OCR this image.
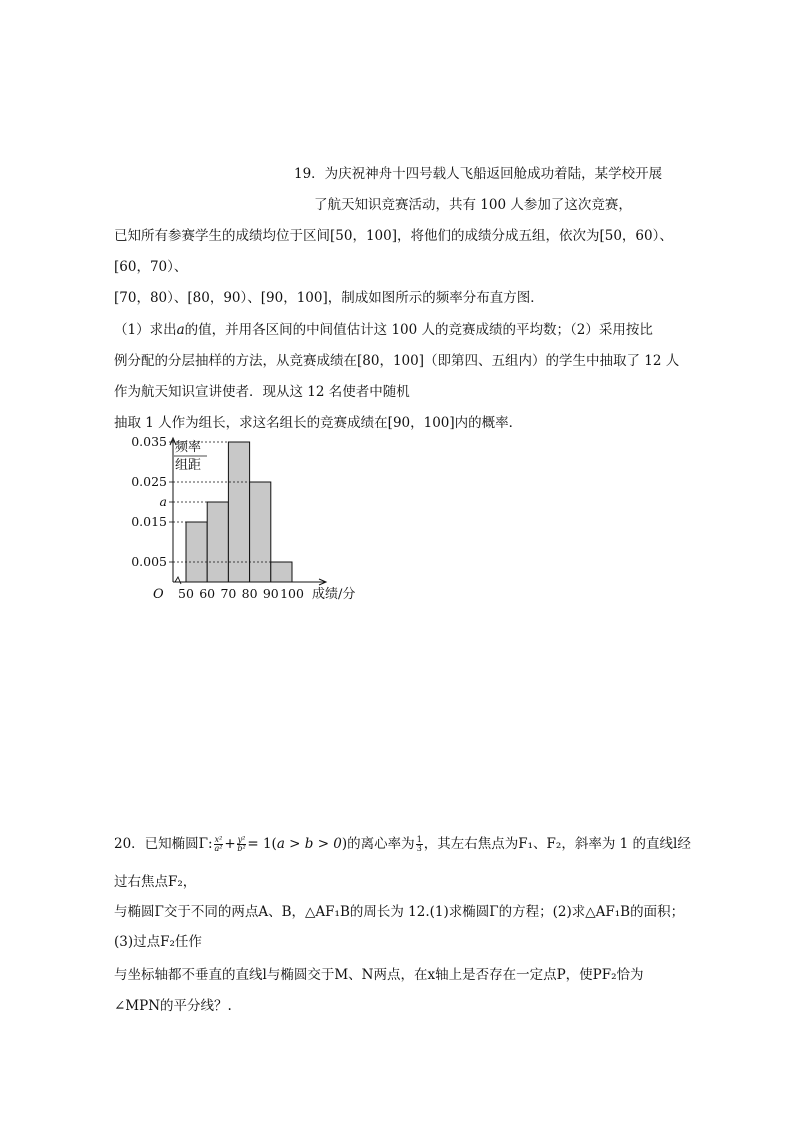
19．为庆祝神舟十四号载人飞船返回舱成功着陆，某学校开展
了航天知识竞赛活动，共有 100 人参加了这次竞赛，
已知所有参赛学生的成绩均位于区间[50，100]，将他们的成绩分成五组，依次为[50，60）、
[60，70）、
[70，80）、[80，90）、[90，100]，制成如图所示的频率分布直方图．
（1）求出a的值，并用各区间的中间值估计这 100 人的竞赛成绩的平均数；（2）采用按比
例分配的分层抽样的方法，从竞赛成绩在[80，100]（即第四、五组内）的学生中抽取了 12 人
作为航天知识宣讲使者．现从这 12 名使者中随机
抽取 1 人作为组长，求这名组长的竞赛成绩在[90，100]内的概率．
频率
组距
0.035
0.025
a
0.015
0.005
O 50 60 70 80 90 100 成绩/分
20．已知椭圆Γ: $\frac{\text{x²}}{\text{a²}} + \frac{\text{y²}}{\text{b²}} = 1(a > b > 0)$的离心率为 $\frac{1}{3}$ ，其左右焦点为F₁、F₂，斜率为 1 的直线l经
过右焦点F₂，
与椭圆Γ交于不同的两点A、B，△AF₁B的周长为 12.(1)求椭圆Γ的方程；(2)求△AF₁B的面积；
(3)过点F₂任作
与坐标轴都不垂直的直线l与椭圆交于M、N两点，在x轴上是否存在一定点P，使PF₂恰为
∠MPN的平分线？.
